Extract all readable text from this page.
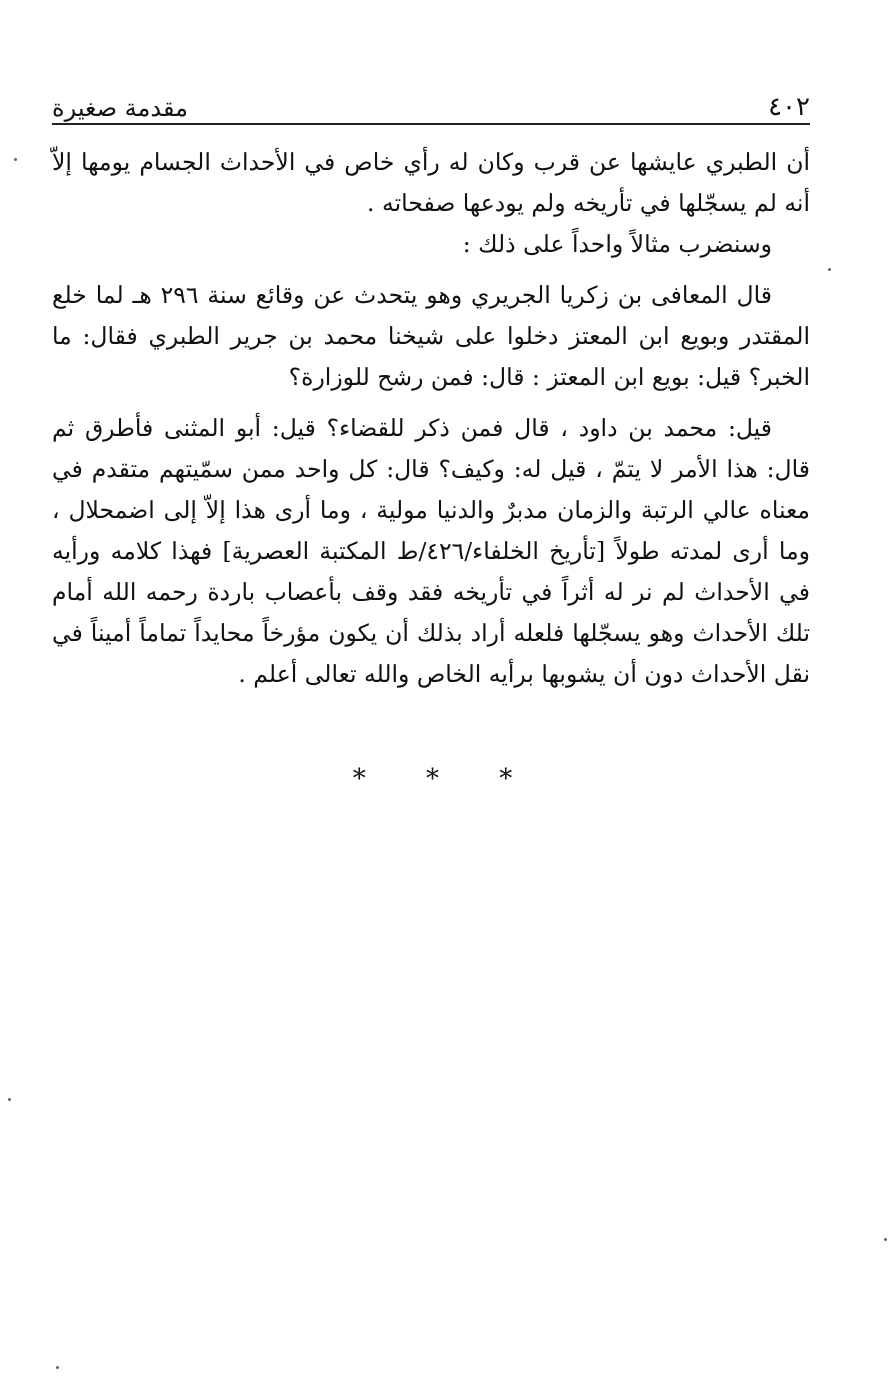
مقدمة صغيرة	٤٠٢

أن الطبري عايشها عن قرب وكان له رأي خاص في الأحداث الجسام يومها إلاّ أنه لم يسجّلها في تأريخه ولم يودعها صفحاته .

وسنضرب مثالاً واحداً على ذلك :

قال المعافى بن زكريا الجريري وهو يتحدث عن وقائع سنة ٢٩٦ هـ لما خلع المقتدر وبويع ابن المعتز دخلوا على شيخنا محمد بن جرير الطبري فقال: ما الخبر؟ قيل: بويع ابن المعتز : قال: فمن رشح للوزارة؟

قيل: محمد بن داود ، قال فمن ذكر للقضاء؟ قيل: أبو المثنى فأطرق ثم قال: هذا الأمر لا يتمّ ، قيل له: وكيف؟ قال: كل واحد ممن سمّيتهم متقدم في معناه عالي الرتبة والزمان مدبرٌ والدنيا مولية ، وما أرى هذا إلاّ إلى اضمحلال ، وما أرى لمدته طولاً [تأريخ الخلفاء/٤٢٦/ط المكتبة العصرية] فهذا كلامه ورأيه في الأحداث لم نر له أثراً في تأريخه فقد وقف بأعصاب باردة رحمه الله أمام تلك الأحداث وهو يسجّلها فلعله أراد بذلك أن يكون مؤرخاً محايداً تماماً أميناً في نقل الأحداث دون أن يشوبها برأيه الخاص والله تعالى أعلم .

* * *
